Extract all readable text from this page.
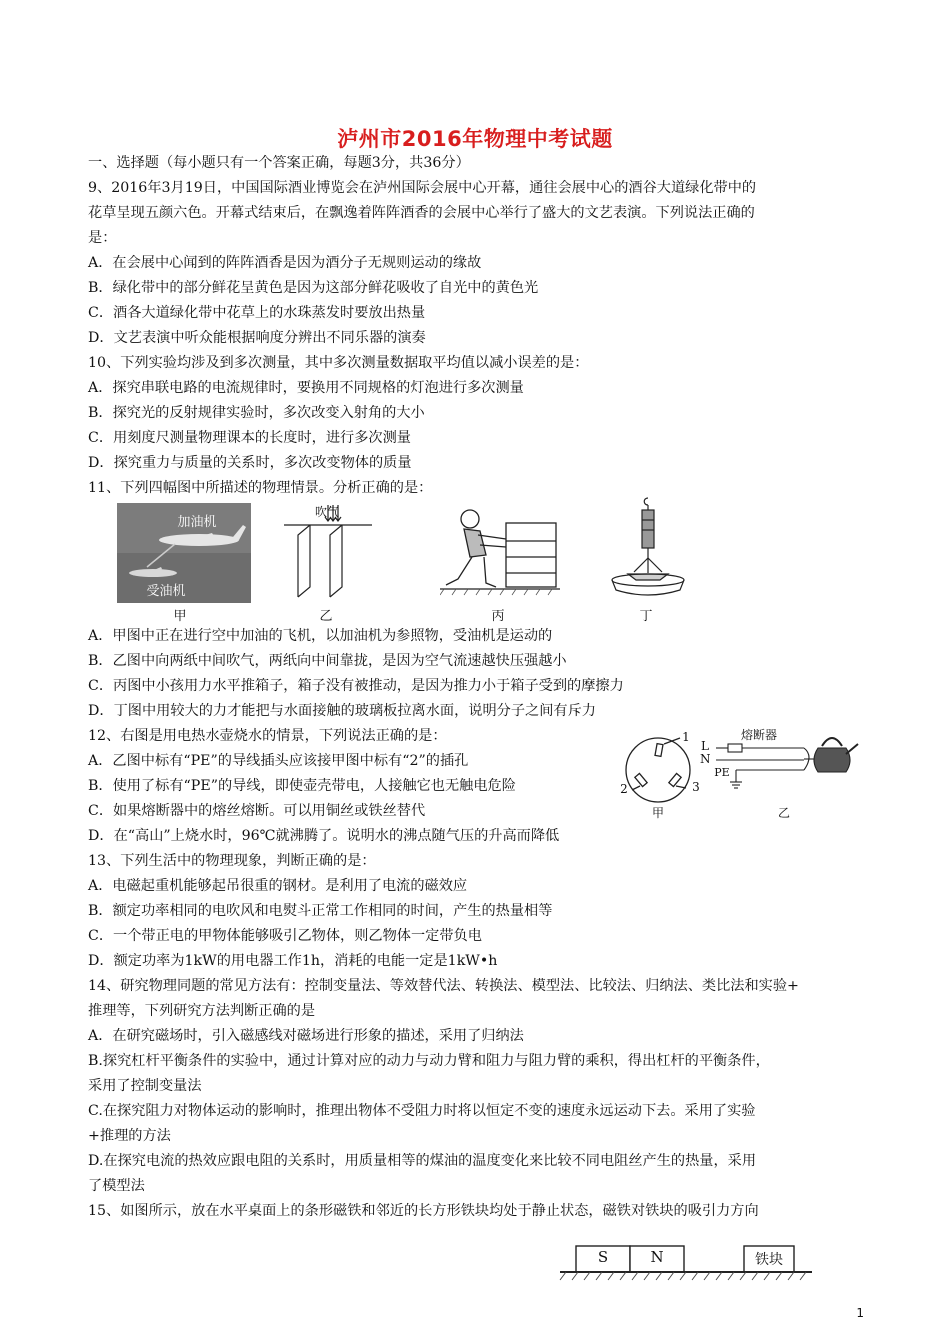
泸州市2016年物理中考试题
一、选择题（每小题只有一个答案正确，每题3分，共36分）
9、2016年3月19日，中国国际酒业博览会在泸州国际会展中心开幕，通往会展中心的酒谷大道绿化带中的
花草呈现五颜六色。开幕式结束后，在飘逸着阵阵酒香的会展中心举行了盛大的文艺表演。下列说法正确的
是：
A．在会展中心闻到的阵阵酒香是因为酒分子无规则运动的缘故
B．绿化带中的部分鲜花呈黄色是因为这部分鲜花吸收了自光中的黄色光
C．酒各大道绿化带中花草上的水珠蒸发时要放出热量
D．文艺表演中听众能根据响度分辨出不同乐器的演奏
10、下列实验均涉及到多次测量，其中多次测量数据取平均值以减小误差的是：
A．探究串联电路的电流规律时，要换用不同规格的灯泡进行多次测量
B．探究光的反射规律实验时，多次改变入射角的大小
C．用刻度尺测量物理课本的长度时，进行多次测量
D．探究重力与质量的关系时，多次改变物体的质量
11、下列四幅图中所描述的物理情景。分析正确的是：
加油机
受油机
甲
吹气
乙	丙	丁
A．甲图中正在进行空中加油的飞机，以加油机为参照物，受油机是运动的
B．乙图中向两纸中间吹气，两纸向中间靠拢，是因为空气流速越快压强越小
C．丙图中小孩用力水平推箱子，箱子没有被推动，是因为推力小于箱子受到的摩擦力
D．丁图中用较大的力才能把与水面接触的玻璃板拉离水面，说明分子之间有斥力
12、右图是用电热水壶烧水的情景，下列说法正确的是：
A．乙图中标有“PE”的导线插头应该接甲图中标有“2”的插孔
B．使用了标有“PE”的导线，即使壶壳带电，人接触它也无触电危险
C．如果熔断器中的熔丝熔断。可以用铜丝或铁丝替代
D．在“高山”上烧水时，96℃就沸腾了。说明水的沸点随气压的升高而降低
1
2	3
甲
熔断器
L
N
PE
乙
13、下列生活中的物理现象，判断正确的是：
A．电磁起重机能够起吊很重的钢材。是利用了电流的磁效应
B．额定功率相同的电吹风和电熨斗正常工作相同的时间，产生的热量相等
C．一个带正电的甲物体能够吸引乙物体，则乙物体一定带负电
D．额定功率为1kW的用电器工作1h，消耗的电能一定是1kW•h
14、研究物理同题的常见方法有：控制变量法、等效替代法、转换法、模型法、比较法、归纳法、类比法和实验+
推理等，下列研究方法判断正确的是
A．在研究磁场时，引入磁感线对磁场进行形象的描述，采用了归纳法
B.探究杠杆平衡条件的实验中，通过计算对应的动力与动力臂和阻力与阻力臂的乘积，得出杠杆的平衡条件，
采用了控制变量法
C.在探究阻力对物体运动的影响时，推理出物体不受阻力时将以恒定不变的速度永远运动下去。采用了实验
+推理的方法
D.在探究电流的热效应跟电阻的关系时，用质量相等的煤油的温度变化来比较不同电阻丝产生的热量，采用
了模型法
15、如图所示，放在水平桌面上的条形磁铁和邻近的长方形铁块均处于静止状态，磁铁对铁块的吸引力方向
S	N	铁块
1
